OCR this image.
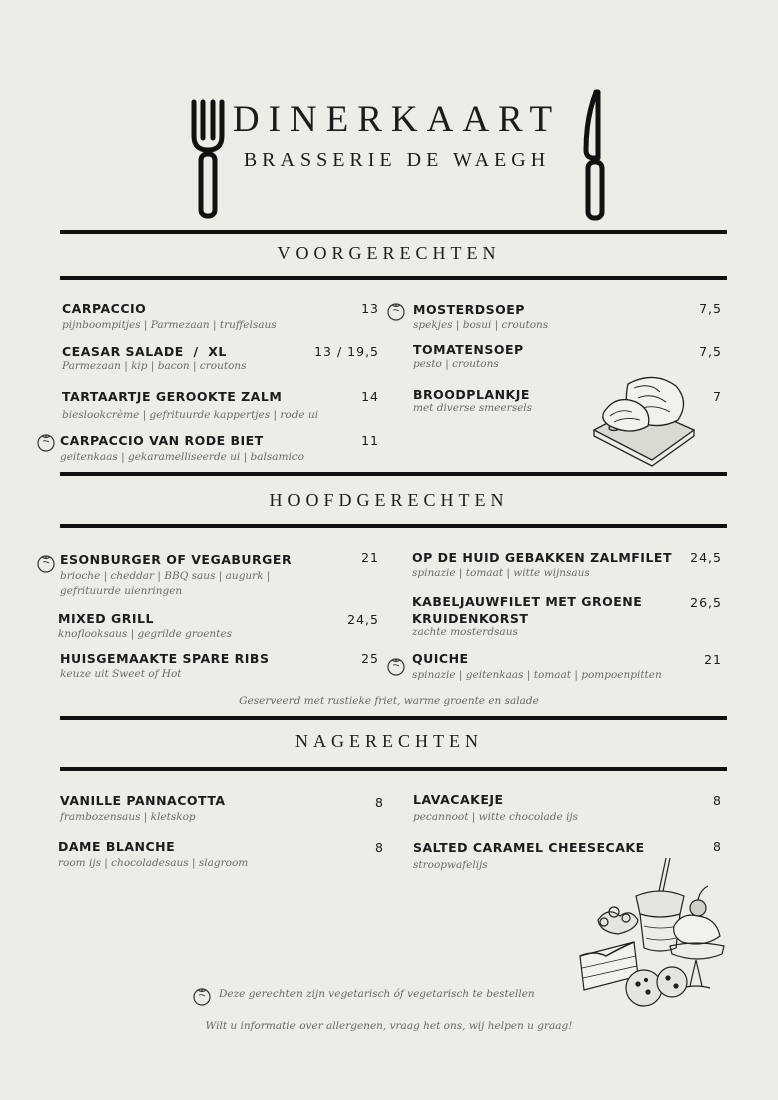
DINERKAART
BRASSERIE DE WAEGH
VOORGERECHTEN
CARPACCIO
pijnboompitjes | Parmezaan | truffelsaus
13
CEASAR SALADE  /  XL
Parmezaan | kip | bacon | croutons
13 / 19,5
TARTAARTJE GEROOKTE ZALM
bieslookcrème | gefrituurde kappertjes | rode ui
14
CARPACCIO VAN RODE BIET
geitenkaas | gekaramelliseerde ui | balsamico
11
MOSTERDSOEP
spekjes | bosui | croutons
7,5
TOMATENSOEP
pesto | croutons
7,5
BROODPLANKJE
met diverse smeersels
7
HOOFDGERECHTEN
ESONBURGER OF VEGABURGER
brioche | cheddar | BBQ saus | augurk |
gefrituurde uienringen
21
MIXED GRILL
knoflooksaus | gegrilde groentes
24,5
HUISGEMAAKTE SPARE RIBS
keuze uit Sweet of Hot
25
OP DE HUID GEBAKKEN ZALMFILET
spinazie | tomaat | witte wijnsaus
24,5
KABELJAUWFILET MET GROENE
KRUIDENKORST
zachte mosterdsaus
26,5
QUICHE
spinazie | geitenkaas | tomaat | pompoenpitten
21
Geserveerd met rustieke friet, warme groente en salade
NAGERECHTEN
VANILLE PANNACOTTA
frambozensaus | kletskop
8
DAME BLANCHE
room ijs | chocoladesaus | slagroom
8
LAVACAKEJE
pecannoot | witte chocolade ijs
8
SALTED CARAMEL CHEESECAKE
stroopwafelijs
8
Deze gerechten zijn vegetarisch óf vegetarisch te bestellen
Wilt u informatie over allergenen, vraag het ons, wij helpen u graag!
